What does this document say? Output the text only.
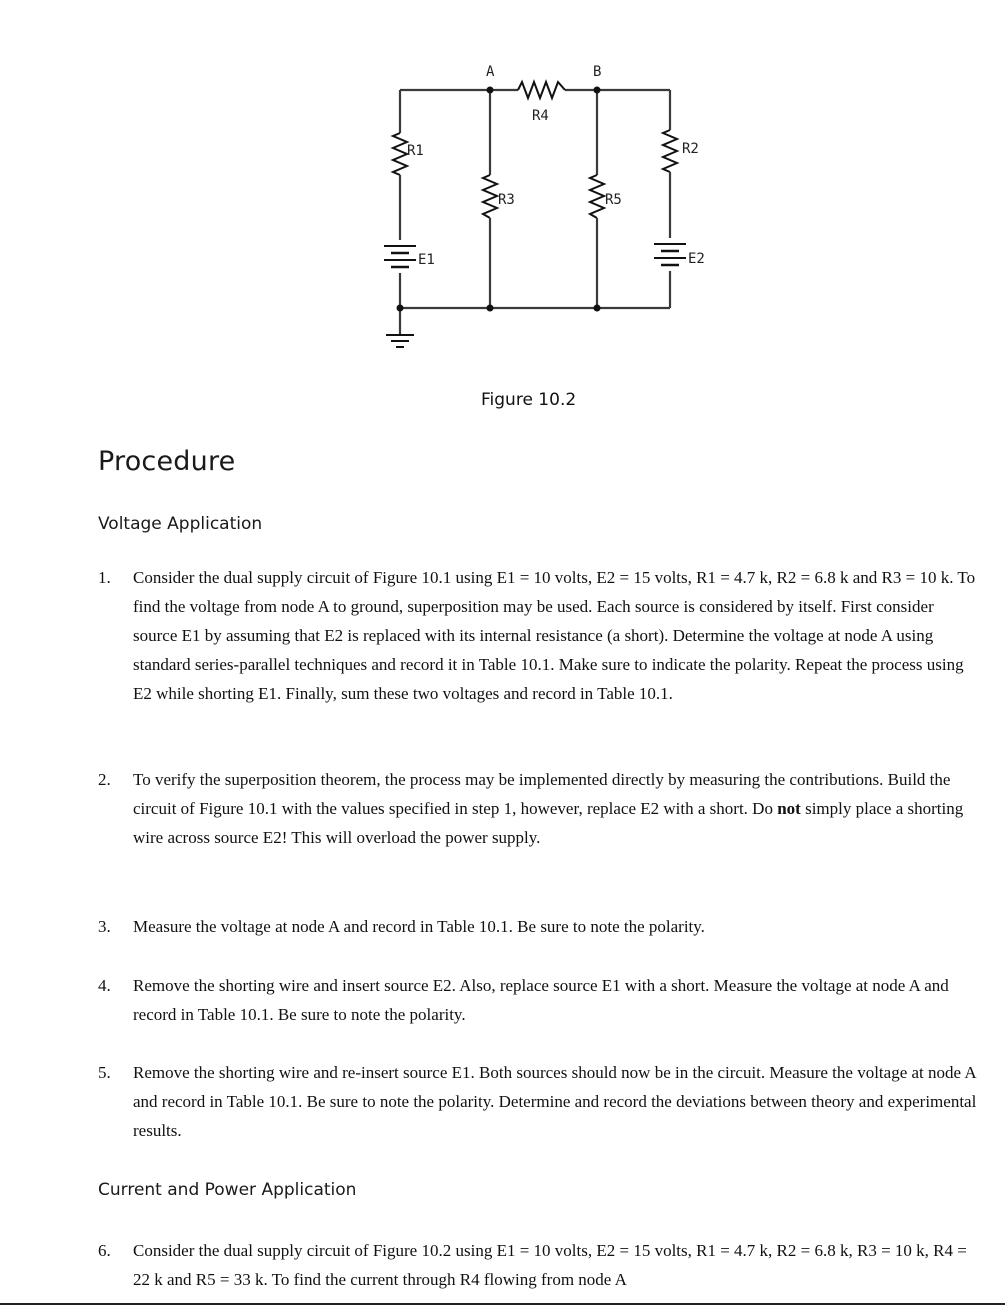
A	B
R4
R1	R2
R3	R5
E1	E2
Figure 10.2
Procedure
Voltage Application
1.	Consider the dual supply circuit of Figure 10.1 using E1 = 10 volts, E2 = 15 volts, R1 = 4.7 k, R2 = 6.8 k and R3 = 10 k. To find the voltage from node A to ground, superposition may be used. Each source is considered by itself. First consider source E1 by assuming that E2 is replaced with its internal resistance (a short). Determine the voltage at node A using standard series-parallel techniques and record it in Table 10.1. Make sure to indicate the polarity. Repeat the process using E2 while shorting E1. Finally, sum these two voltages and record in Table 10.1.
2.	To verify the superposition theorem, the process may be implemented directly by measuring the contributions. Build the circuit of Figure 10.1 with the values specified in step 1, however, replace E2 with a short. Do not simply place a shorting wire across source E2! This will overload the power supply.
3.	Measure the voltage at node A and record in Table 10.1. Be sure to note the polarity.
4.	Remove the shorting wire and insert source E2. Also, replace source E1 with a short. Measure the voltage at node A and record in Table 10.1. Be sure to note the polarity.
5.	Remove the shorting wire and re-insert source E1. Both sources should now be in the circuit. Measure the voltage at node A and record in Table 10.1. Be sure to note the polarity. Determine and record the deviations between theory and experimental results.
Current and Power Application
6.	Consider the dual supply circuit of Figure 10.2 using E1 = 10 volts, E2 = 15 volts, R1 = 4.7 k, R2 = 6.8 k, R3 = 10 k, R4 = 22 k and R5 = 33 k. To find the current through R4 flowing from node A
